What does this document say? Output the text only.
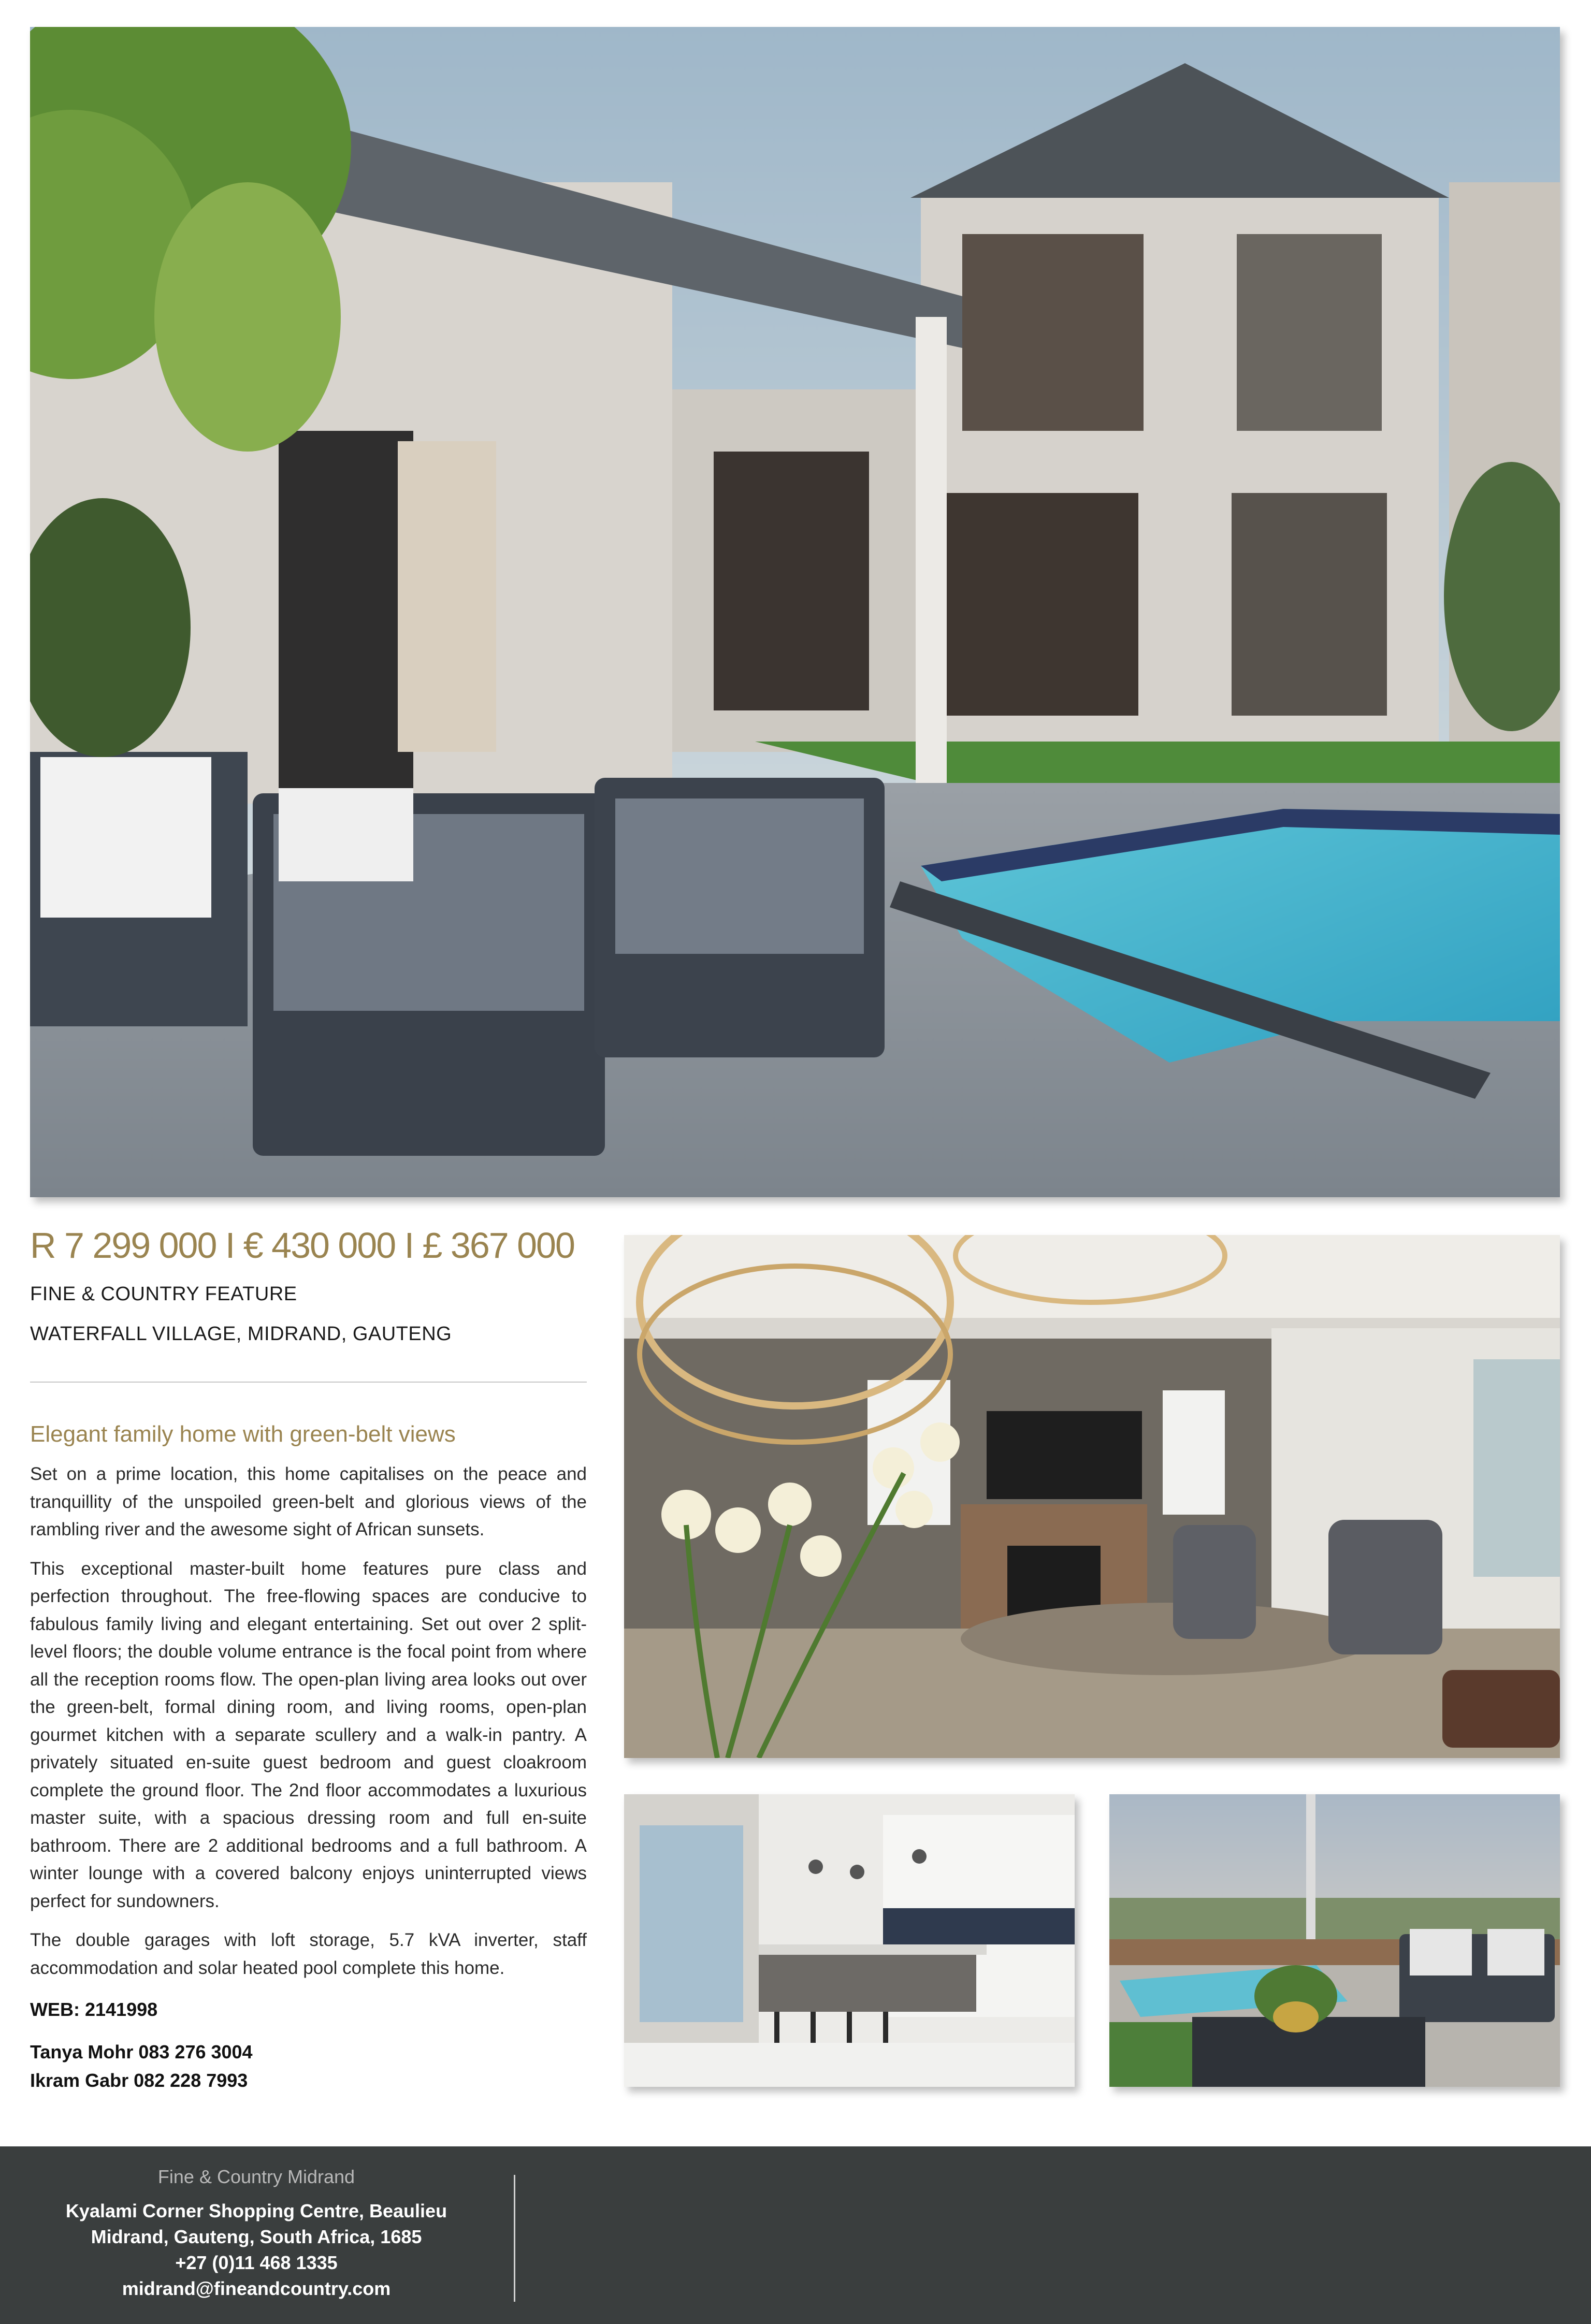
R 7 299 000 I € 430 000 I £ 367 000
FINE & COUNTRY FEATURE
WATERFALL VILLAGE, MIDRAND, GAUTENG
Elegant family home with green-belt views

Set on a prime location, this home capitalises on the peace and tranquillity of the unspoiled green-belt and glorious views of the rambling river and the awesome sight of African sunsets.

This exceptional master-built home features pure class and perfection throughout. The free-flowing spaces are conducive to fabulous family living and elegant entertaining. Set out over 2 split-level floors; the double volume entrance is the focal point from where all the reception rooms flow. The open-plan living area looks out over the green-belt, formal dining room, and living rooms, open-plan gourmet kitchen with a separate scullery and a walk-in pantry. A privately situated en-suite guest bedroom and guest cloakroom complete the ground floor. The 2nd floor accommodates a luxurious master suite, with a spacious dressing room and full en-suite bathroom. There are 2 additional bedrooms and a full bathroom. A winter lounge with a covered balcony enjoys uninterrupted views perfect for sundowners.

The double garages with loft storage, 5.7 kVA inverter, staff accommodation and solar heated pool complete this home.

WEB: 2141998
Tanya Mohr 083 276 3004
Ikram Gabr 082 228 7993
Fine & Country Midrand
Kyalami Corner Shopping Centre, Beaulieu
Midrand, Gauteng, South Africa, 1685
+27 (0)11 468 1335
midrand@fineandcountry.com
